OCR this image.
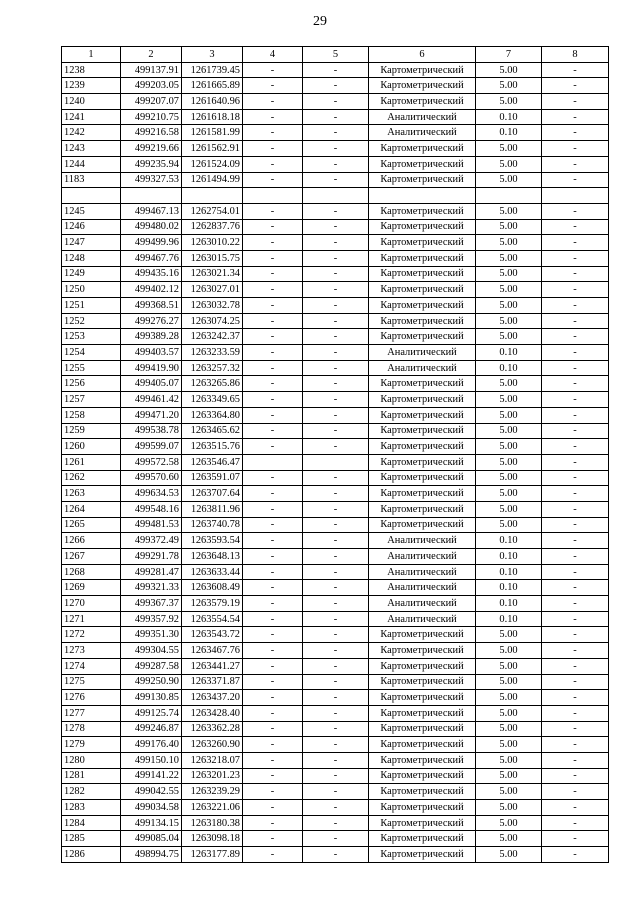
29
1	2	3	4	5	6	7	8
1238	499137.91	1261739.45	-	-	Картометрический	5.00	-
1239	499203.05	1261665.89	-	-	Картометрический	5.00	-
1240	499207.07	1261640.96	-	-	Картометрический	5.00	-
1241	499210.75	1261618.18	-	-	Аналитический	0.10	-
1242	499216.58	1261581.99	-	-	Аналитический	0.10	-
1243	499219.66	1261562.91	-	-	Картометрический	5.00	-
1244	499235.94	1261524.09	-	-	Картометрический	5.00	-
1183	499327.53	1261494.99	-	-	Картометрический	5.00	-

1245	499467.13	1262754.01	-	-	Картометрический	5.00	-
1246	499480.02	1262837.76	-	-	Картометрический	5.00	-
1247	499499.96	1263010.22	-	-	Картометрический	5.00	-
1248	499467.76	1263015.75	-	-	Картометрический	5.00	-
1249	499435.16	1263021.34	-	-	Картометрический	5.00	-
1250	499402.12	1263027.01	-	-	Картометрический	5.00	-
1251	499368.51	1263032.78	-	-	Картометрический	5.00	-
1252	499276.27	1263074.25	-	-	Картометрический	5.00	-
1253	499389.28	1263242.37	-	-	Картометрический	5.00	-
1254	499403.57	1263233.59	-	-	Аналитический	0.10	-
1255	499419.90	1263257.32	-	-	Аналитический	0.10	-
1256	499405.07	1263265.86	-	-	Картометрический	5.00	-
1257	499461.42	1263349.65	-	-	Картометрический	5.00	-
1258	499471.20	1263364.80	-	-	Картометрический	5.00	-
1259	499538.78	1263465.62	-	-	Картометрический	5.00	-
1260	499599.07	1263515.76	-	-	Картометрический	5.00	-
1261	499572.58	1263546.47			Картометрический	5.00	-
1262	499570.60	1263591.07	-	-	Картометрический	5.00	-
1263	499634.53	1263707.64	-	-	Картометрический	5.00	-
1264	499548.16	1263811.96	-	-	Картометрический	5.00	-
1265	499481.53	1263740.78	-	-	Картометрический	5.00	-
1266	499372.49	1263593.54	-	-	Аналитический	0.10	-
1267	499291.78	1263648.13	-	-	Аналитический	0.10	-
1268	499281.47	1263633.44	-	-	Аналитический	0.10	-
1269	499321.33	1263608.49	-	-	Аналитический	0.10	-
1270	499367.37	1263579.19	-	-	Аналитический	0.10	-
1271	499357.92	1263554.54	-	-	Аналитический	0.10	-
1272	499351.30	1263543.72	-	-	Картометрический	5.00	-
1273	499304.55	1263467.76	-	-	Картометрический	5.00	-
1274	499287.58	1263441.27	-	-	Картометрический	5.00	-
1275	499250.90	1263371.87	-	-	Картометрический	5.00	-
1276	499130.85	1263437.20	-	-	Картометрический	5.00	-
1277	499125.74	1263428.40	-	-	Картометрический	5.00	-
1278	499246.87	1263362.28	-	-	Картометрический	5.00	-
1279	499176.40	1263260.90	-	-	Картометрический	5.00	-
1280	499150.10	1263218.07	-	-	Картометрический	5.00	-
1281	499141.22	1263201.23	-	-	Картометрический	5.00	-
1282	499042.55	1263239.29	-	-	Картометрический	5.00	-
1283	499034.58	1263221.06	-	-	Картометрический	5.00	-
1284	499134.15	1263180.38	-	-	Картометрический	5.00	-
1285	499085.04	1263098.18	-	-	Картометрический	5.00	-
1286	498994.75	1263177.89	-	-	Картометрический	5.00	-
